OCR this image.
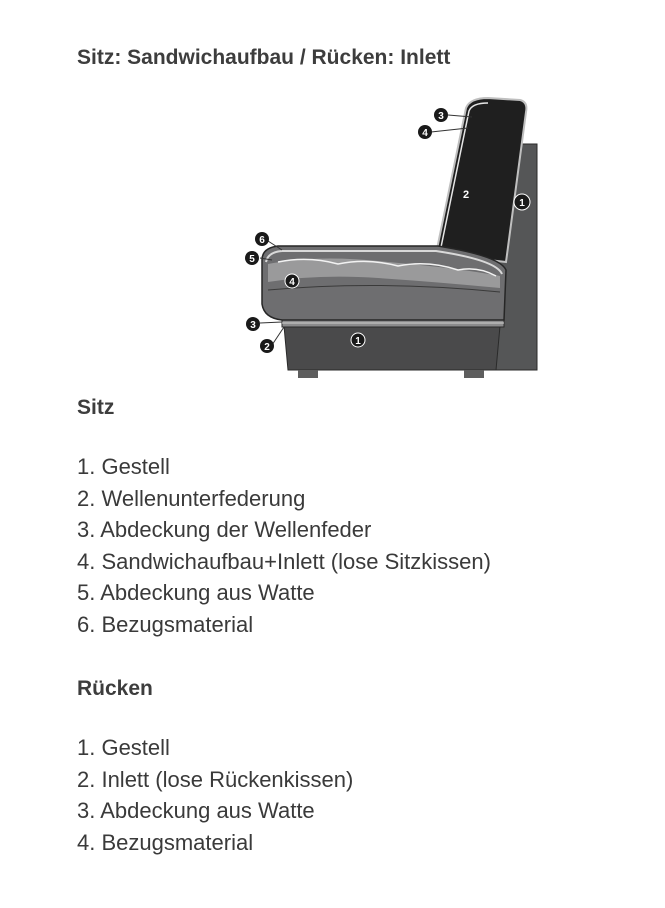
Sitz: Sandwichaufbau / Rücken: Inlett
3
4
2
1
6
5
4
3
2
1
Sitz
1. Gestell
2. Wellenunterfederung
3. Abdeckung der Wellenfeder
4. Sandwichaufbau+Inlett (lose Sitzkissen)
5. Abdeckung aus Watte
6. Bezugsmaterial
Rücken
1. Gestell
2. Inlett (lose Rückenkissen)
3. Abdeckung aus Watte
4. Bezugsmaterial
